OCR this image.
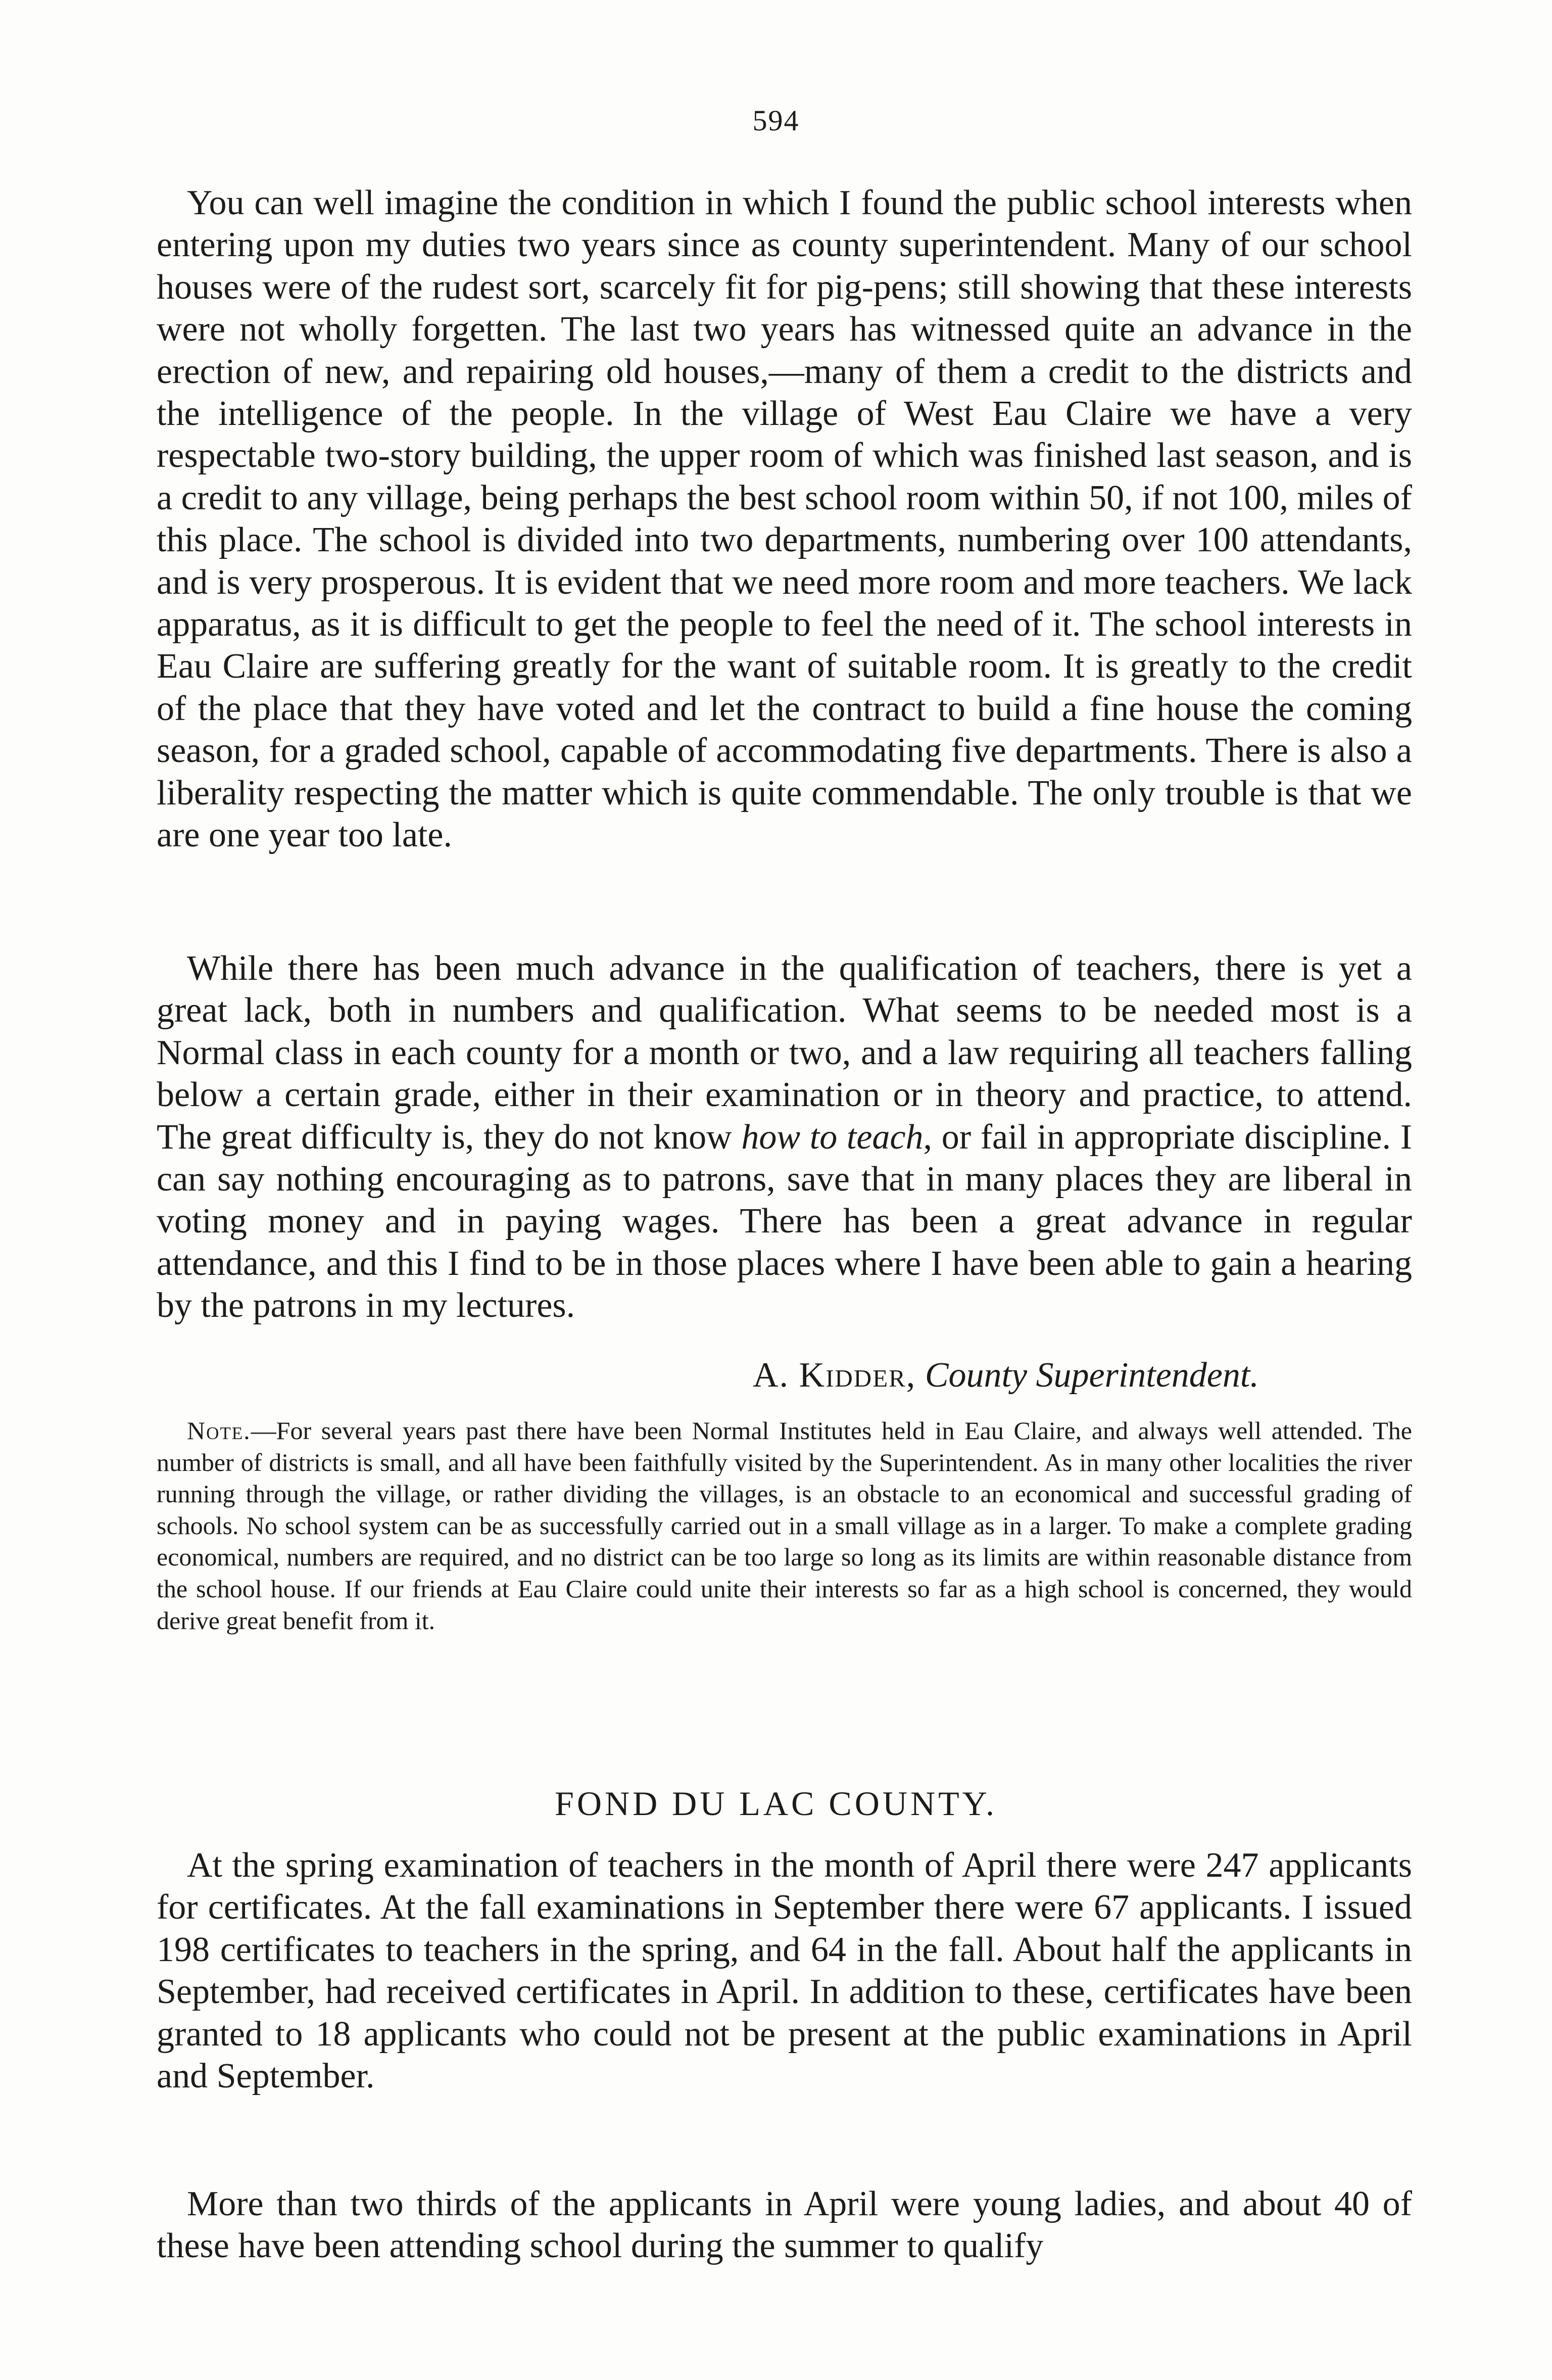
594

You can well imagine the condition in which I found the public school interests when entering upon my duties two years since as county superintendent. Many of our school houses were of the rudest sort, scarcely fit for pig-pens; still showing that these interests were not wholly forgetten. The last two years has witnessed quite an advance in the erection of new, and repairing old houses,—many of them a credit to the districts and the intelligence of the people. In the village of West Eau Claire we have a very respectable two-story building, the upper room of which was finished last season, and is a credit to any village, being perhaps the best school room within 50, if not 100, miles of this place. The school is divided into two departments, numbering over 100 attendants, and is very prosperous. It is evident that we need more room and more teachers. We lack apparatus, as it is difficult to get the people to feel the need of it. The school interests in Eau Claire are suffering greatly for the want of suitable room. It is greatly to the credit of the place that they have voted and let the contract to build a fine house the coming season, for a graded school, capable of accommodating five departments. There is also a liberality respecting the matter which is quite commendable. The only trouble is that we are one year too late.

While there has been much advance in the qualification of teachers, there is yet a great lack, both in numbers and qualification. What seems to be needed most is a Normal class in each county for a month or two, and a law requiring all teachers falling below a certain grade, either in their examination or in theory and practice, to attend. The great difficulty is, they do not know how to teach, or fail in appropriate discipline. I can say nothing encouraging as to patrons, save that in many places they are liberal in voting money and in paying wages. There has been a great advance in regular attendance, and this I find to be in those places where I have been able to gain a hearing by the patrons in my lectures.

A. Kidder, County Superintendent.

Note.—For several years past there have been Normal Institutes held in Eau Claire, and always well attended. The number of districts is small, and all have been faithfully visited by the Superintendent. As in many other localities the river running through the village, or rather dividing the villages, is an obstacle to an economical and successful grading of schools. No school system can be as successfully carried out in a small village as in a larger. To make a complete grading economical, numbers are required, and no district can be too large so long as its limits are within reasonable distance from the school house. If our friends at Eau Claire could unite their interests so far as a high school is concerned, they would derive great benefit from it.

FOND DU LAC COUNTY.

At the spring examination of teachers in the month of April there were 247 applicants for certificates. At the fall examinations in September there were 67 applicants. I issued 198 certificates to teachers in the spring, and 64 in the fall. About half the applicants in September, had received certificates in April. In addition to these, certificates have been granted to 18 applicants who could not be present at the public examinations in April and September.

More than two thirds of the applicants in April were young ladies, and about 40 of these have been attending school during the summer to qualify
